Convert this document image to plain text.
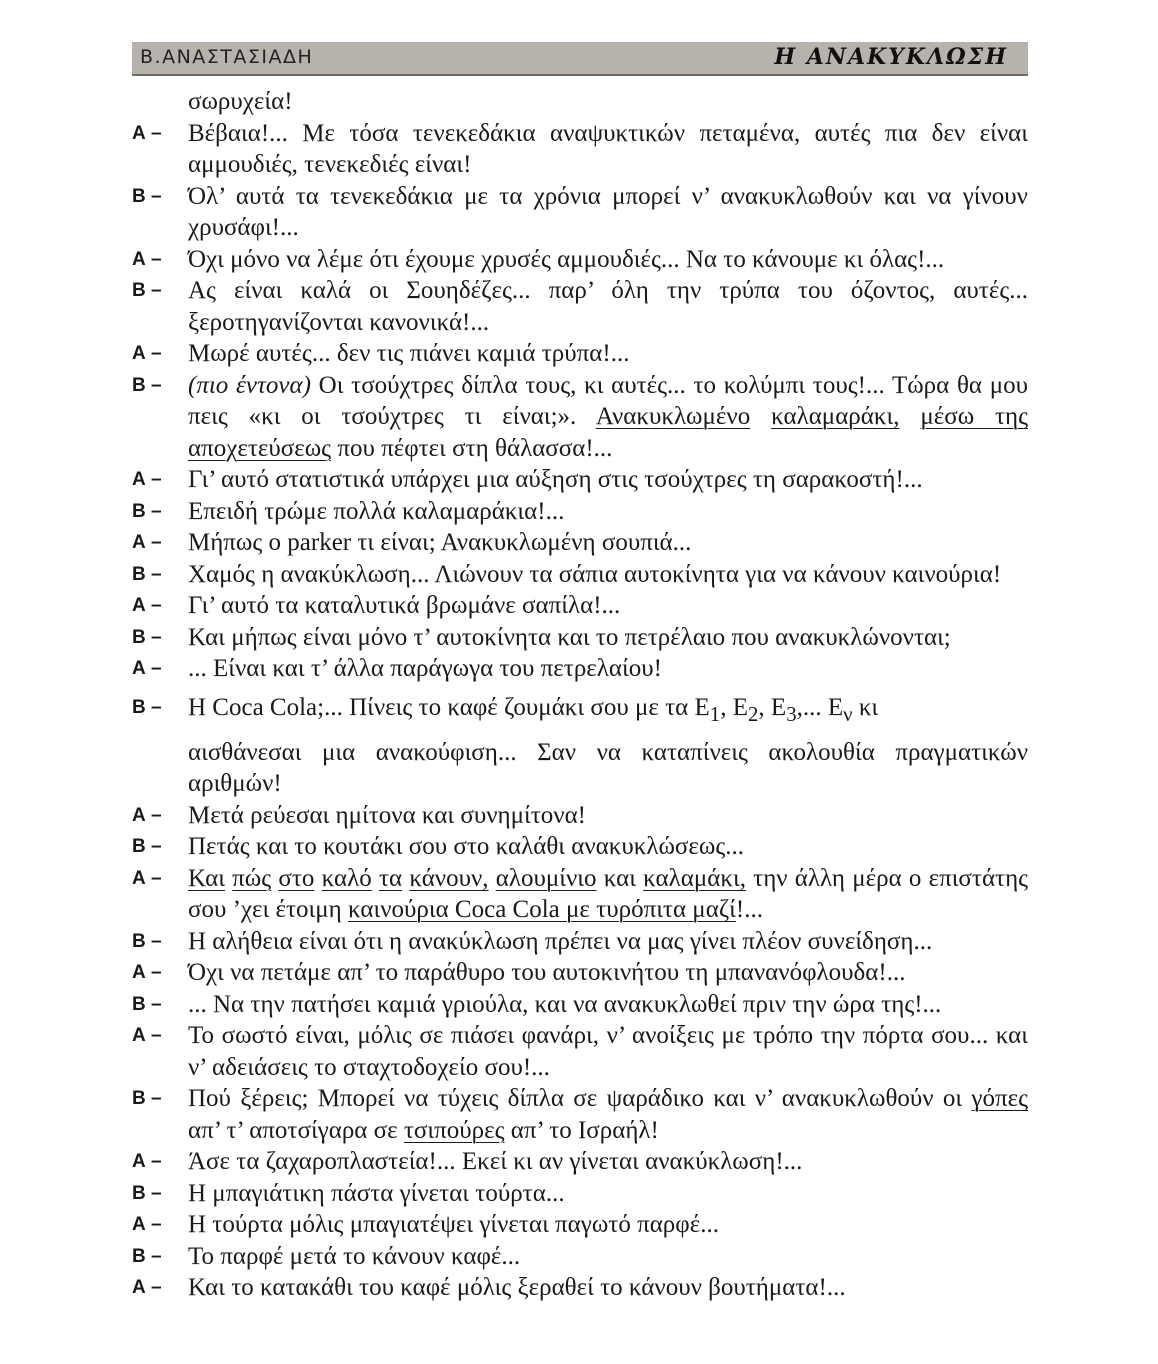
Β.ΑΝΑΣΤΑΣΙΑΔΗ	Η ΑΝΑΚΥΚΛΩΣΗ
σωρυχεία!
Α –	Βέβαια!... Με τόσα τενεκεδάκια αναψυκτικών πεταμένα, αυτές πια δεν είναι αμμουδιές, τενεκεδιές είναι!
Β –	Όλ’ αυτά τα τενεκεδάκια με τα χρόνια μπορεί ν’ ανακυκλωθούν και να γίνουν χρυσάφι!...
Α –	Όχι μόνο να λέμε ότι έχουμε χρυσές αμμουδιές... Να το κάνουμε κι όλας!...
Β –	Ας είναι καλά οι Σουηδέζες... παρ’ όλη την τρύπα του όζοντος, αυτές... ξεροτηγανίζονται κανονικά!...
Α –	Μωρέ αυτές... δεν τις πιάνει καμιά τρύπα!...
Β –	(πιο έντονα) Οι τσούχτρες δίπλα τους, κι αυτές... το κολύμπι τους!... Τώρα θα μου πεις «κι οι τσούχτρες τι είναι;». Ανακυκλωμένο καλαμαράκι, μέσω της αποχετεύσεως που πέφτει στη θάλασσα!...
Α –	Γι’ αυτό στατιστικά υπάρχει μια αύξηση στις τσούχτρες τη σαρακοστή!...
Β –	Επειδή τρώμε πολλά καλαμαράκια!...
Α –	Μήπως ο parker τι είναι; Ανακυκλωμένη σουπιά...
Β –	Χαμός η ανακύκλωση... Λιώνουν τα σάπια αυτοκίνητα για να κάνουν καινούρια!
Α –	Γι’ αυτό τα καταλυτικά βρωμάνε σαπίλα!...
Β –	Και μήπως είναι μόνο τ’ αυτοκίνητα και το πετρέλαιο που ανακυκλώνονται;
Α –	... Είναι και τ’ άλλα παράγωγα του πετρελαίου!
Β –	Η Coca Cola;... Πίνεις το καφέ ζουμάκι σου με τα $E_1$, $E_2$, $E_3$,... $E_\nu$ κι
αισθάνεσαι μια ανακούφιση... Σαν να καταπίνεις ακολουθία πραγματικών αριθμών!
Α –	Μετά ρεύεσαι ημίτονα και συνημίτονα!
Β –	Πετάς και το κουτάκι σου στο καλάθι ανακυκλώσεως...
Α –	Και πώς στο καλό τα κάνουν, αλουμίνιο και καλαμάκι, την άλλη μέρα ο επιστάτης σου ’χει έτοιμη καινούρια Coca Cola με τυρόπιτα μαζί!...
Β –	Η αλήθεια είναι ότι η ανακύκλωση πρέπει να μας γίνει πλέον συνείδηση...
Α –	Όχι να πετάμε απ’ το παράθυρο του αυτοκινήτου τη μπανανόφλουδα!...
Β –	... Να την πατήσει καμιά γριούλα, και να ανακυκλωθεί πριν την ώρα της!...
Α –	Το σωστό είναι, μόλις σε πιάσει φανάρι, ν’ ανοίξεις με τρόπο την πόρτα σου... και ν’ αδειάσεις το σταχτοδοχείο σου!...
Β –	Πού ξέρεις; Μπορεί να τύχεις δίπλα σε ψαράδικο και ν’ ανακυκλωθούν οι γόπες απ’ τ’ αποτσίγαρα σε τσιπούρες απ’ το Ισραήλ!
Α –	Άσε τα ζαχαροπλαστεία!... Εκεί κι αν γίνεται ανακύκλωση!...
Β –	Η μπαγιάτικη πάστα γίνεται τούρτα...
Α –	Η τούρτα μόλις μπαγιατέψει γίνεται παγωτό παρφέ...
Β –	Το παρφέ μετά το κάνουν καφέ...
Α –	Και το κατακάθι του καφέ μόλις ξεραθεί το κάνουν βουτήματα!...
